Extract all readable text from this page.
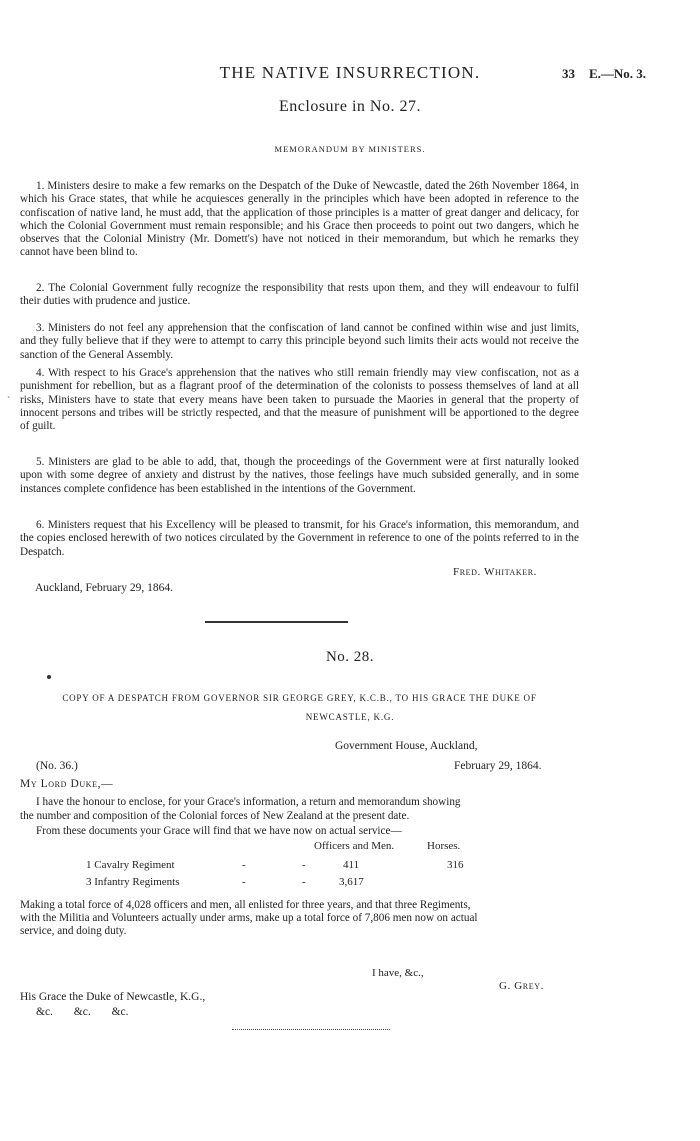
THE NATIVE INSURRECTION.	33 E.—No. 3.
Enclosure in No. 27.
MEMORANDUM BY MINISTERS.
1. Ministers desire to make a few remarks on the Despatch of the Duke of Newcastle, dated the 26th November 1864, in which his Grace states, that while he acquiesces generally in the principles which have been adopted in reference to the confiscation of native land, he must add, that the application of those principles is a matter of great danger and delicacy, for which the Colonial Government must remain responsible; and his Grace then proceeds to point out two dangers, which he observes that the Colonial Ministry (Mr. Domett's) have not noticed in their memorandum, but which he remarks they cannot have been blind to.
2. The Colonial Government fully recognize the responsibility that rests upon them, and they will endeavour to fulfil their duties with prudence and justice.
3. Ministers do not feel any apprehension that the confiscation of land cannot be confined within wise and just limits, and they fully believe that if they were to attempt to carry this principle beyond such limits their acts would not receive the sanction of the General Assembly.
4. With respect to his Grace's apprehension that the natives who still remain friendly may view confiscation, not as a punishment for rebellion, but as a flagrant proof of the determination of the colonists to possess themselves of land at all risks, Ministers have to state that every means have been taken to pursuade the Maories in general that the property of innocent persons and tribes will be strictly respected, and that the measure of punishment will be apportioned to the degree of guilt.
5. Ministers are glad to be able to add, that, though the proceedings of the Government were at first naturally looked upon with some degree of anxiety and distrust by the natives, those feelings have much subsided generally, and in some instances complete confidence has been established in the intentions of the Government.
6. Ministers request that his Excellency will be pleased to transmit, for his Grace's information, this memorandum, and the copies enclosed herewith of two notices circulated by the Government in reference to one of the points referred to in the Despatch.
`
Fred. Whitaker.
Auckland, February 29, 1864.
No. 28.
COPY OF A DESPATCH FROM GOVERNOR SIR GEORGE GREY, K.C.B., TO HIS GRACE THE DUKE OF
NEWCASTLE, K.G.
Government House, Auckland,
(No. 36.)	February 29, 1864.
My Lord Duke,—
I have the honour to enclose, for your Grace's information, a return and memorandum showing
the number and composition of the Colonial forces of New Zealand at the present date.
From these documents your Grace will find that we have now on actual service—
Officers and Men.	Horses.
1 Cavalry Regiment	-	-	411	316
3 Infantry Regiments	-	-	3,617	
Making a total force of 4,028 officers and men, all enlisted for three years, and that three Regiments,
with the Militia and Volunteers actually under arms, make up a total force of 7,806 men now on actual
service, and doing duty.
I have, &c.,
G. Grey.
His Grace the Duke of Newcastle, K.G.,
&c. &c. &c.
